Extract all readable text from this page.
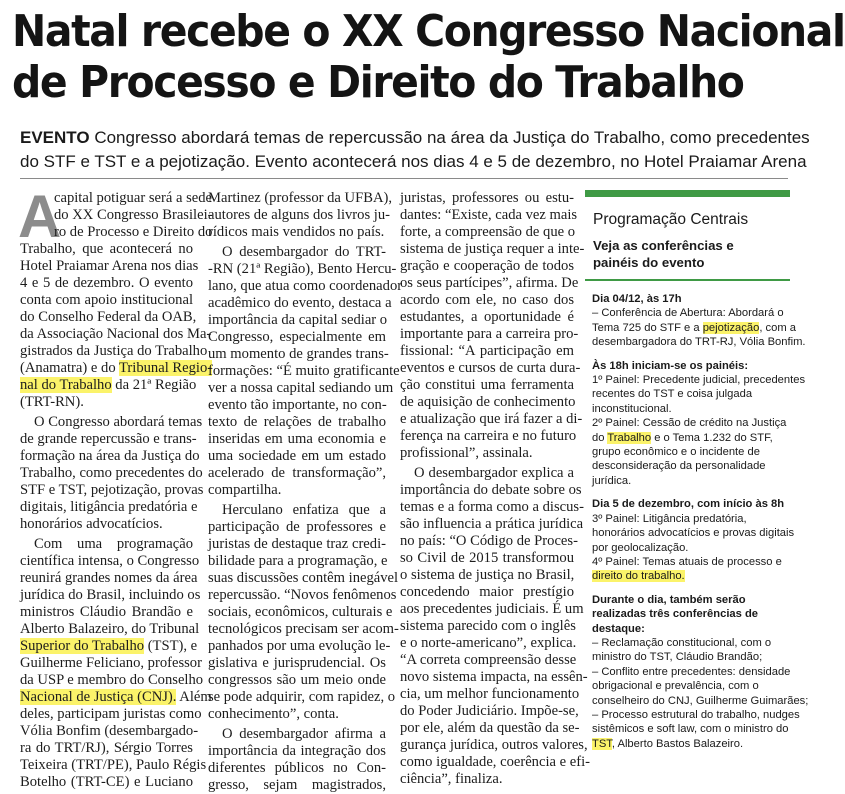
Natal recebe o XX Congresso Nacional
de Processo e Direito do Trabalho
EVENTO Congresso abordará temas de repercussão na área da Justiça do Trabalho, como precedentes
do STF e TST e a pejotização. Evento acontecerá nos dias 4 e 5 de dezembro, no Hotel Praiamar Arena
A
capital potiguar será a sede
do XX Congresso Brasilei-
ro de Processo e Direito do
Trabalho, que acontecerá no
Hotel Praiamar Arena nos dias
4 e 5 de dezembro. O evento
conta com apoio institucional
do Conselho Federal da OAB,
da Associação Nacional dos Ma-
gistrados da Justiça do Trabalho
(Anamatra) e do Tribunal Regio-
nal do Trabalho da 21ª Região
(TRT-RN).
O Congresso abordará temas
de grande repercussão e trans-
formação na área da Justiça do
Trabalho, como precedentes do
STF e TST, pejotização, provas
digitais, litigância predatória e
honorários advocatícios.
Com uma programação
científica intensa, o Congresso
reunirá grandes nomes da área
jurídica do Brasil, incluindo os
ministros Cláudio Brandão e
Alberto Balazeiro, do Tribunal
Superior do Trabalho (TST), e
Guilherme Feliciano, professor
da USP e membro do Conselho
Nacional de Justiça (CNJ). Além
deles, participam juristas como
Vólia Bonfim (desembargado-
ra do TRT/RJ), Sérgio Torres
Teixeira (TRT/PE), Paulo Régis
Botelho (TRT-CE) e Luciano
Martinez (professor da UFBA),
autores de alguns dos livros ju-
rídicos mais vendidos no país.
O desembargador do TRT-
-RN (21ª Região), Bento Hercu-
lano, que atua como coordenador
acadêmico do evento, destaca a
importância da capital sediar o
Congresso, especialmente em
um momento de grandes trans-
formações: “É muito gratificante
ver a nossa capital sediando um
evento tão importante, no con-
texto de relações de trabalho
inseridas em uma economia e
uma sociedade em um estado
acelerado de transformação”,
compartilha.
Herculano enfatiza que a
participação de professores e
juristas de destaque traz credi-
bilidade para a programação, e
suas discussões contêm inegável
repercussão. “Novos fenômenos
sociais, econômicos, culturais e
tecnológicos precisam ser acom-
panhados por uma evolução le-
gislativa e jurisprudencial. Os
congressos são um meio onde
se pode adquirir, com rapidez, o
conhecimento”, conta.
O desembargador afirma a
importância da integração dos
diferentes públicos no Con-
gresso, sejam magistrados,
juristas, professores ou estu-
dantes: “Existe, cada vez mais
forte, a compreensão de que o
sistema de justiça requer a inte-
gração e cooperação de todos
os seus partícipes”, afirma. De
acordo com ele, no caso dos
estudantes, a oportunidade é
importante para a carreira pro-
fissional: “A participação em
eventos e cursos de curta dura-
ção constitui uma ferramenta
de aquisição de conhecimento
e atualização que irá fazer a di-
ferença na carreira e no futuro
profissional”, assinala.
O desembargador explica a
importância do debate sobre os
temas e a forma como a discus-
são influencia a prática jurídica
no país: “O Código de Proces-
so Civil de 2015 transformou
o sistema de justiça no Brasil,
concedendo maior prestígio
aos precedentes judiciais. É um
sistema parecido com o inglês
e o norte-americano”, explica.
“A correta compreensão desse
novo sistema impacta, na essên-
cia, um melhor funcionamento
do Poder Judiciário. Impõe-se,
por ele, além da questão da se-
gurança jurídica, outros valores,
como igualdade, coerência e efi-
ciência”, finaliza.
Programação Centrais
Veja as conferências e
painéis do evento
Dia 04/12, às 17h
– Conferência de Abertura: Abordará o
Tema 725 do STF e a pejotização, com a
desembargadora do TRT-RJ, Vólia Bonfim.
Às 18h iniciam-se os painéis:
1º Painel: Precedente judicial, precedentes
recentes do TST e coisa julgada
inconstitucional.
2º Painel: Cessão de crédito na Justiça
do Trabalho e o Tema 1.232 do STF,
grupo econômico e o incidente de
desconsideração da personalidade
jurídica.
Dia 5 de dezembro, com início às 8h
3º Painel: Litigância predatória,
honorários advocatícios e provas digitais
por geolocalização.
4º Painel: Temas atuais de processo e
direito do trabalho.
Durante o dia, também serão
realizadas três conferências de
destaque:
– Reclamação constitucional, com o
ministro do TST, Cláudio Brandão;
– Conflito entre precedentes: densidade
obrigacional e prevalência, com o
conselheiro do CNJ, Guilherme Guimarães;
– Processo estrutural do trabalho, nudges
sistêmicos e soft law, com o ministro do
TST, Alberto Bastos Balazeiro.
